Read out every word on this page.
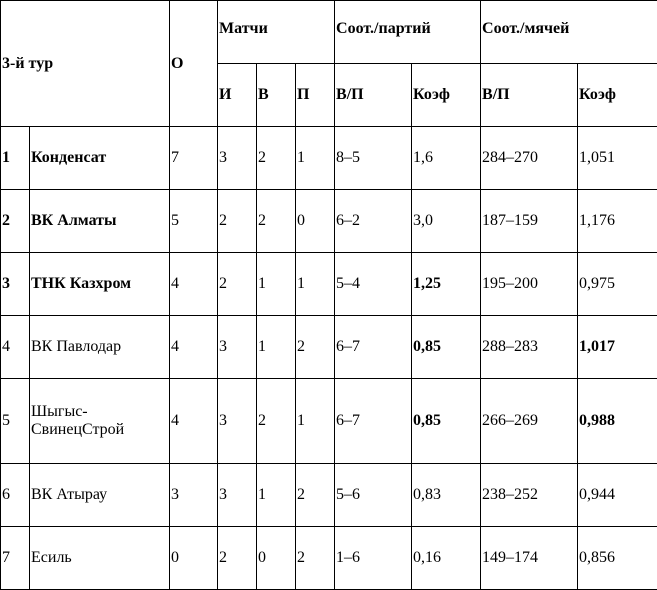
3-й тур		О	Матчи			Соот./партий		Соот./мячей	
			И	В	П	В/П	Коэф	В/П	Коэф
1	Конденсат	7	3	2	1	8–5	1,6	284–270	1,051
2	ВК Алматы	5	2	2	0	6–2	3,0	187–159	1,176
3	ТНК Казхром	4	2	1	1	5–4	1,25	195–200	0,975
4	ВК Павлодар	4	3	1	2	6–7	0,85	288–283	1,017
5	Шыгыс-СвинецСтрой	4	3	2	1	6–7	0,85	266–269	0,988
6	ВК Атырау	3	3	1	2	5–6	0,83	238–252	0,944
7	Есиль	0	2	0	2	1–6	0,16	149–174	0,856
